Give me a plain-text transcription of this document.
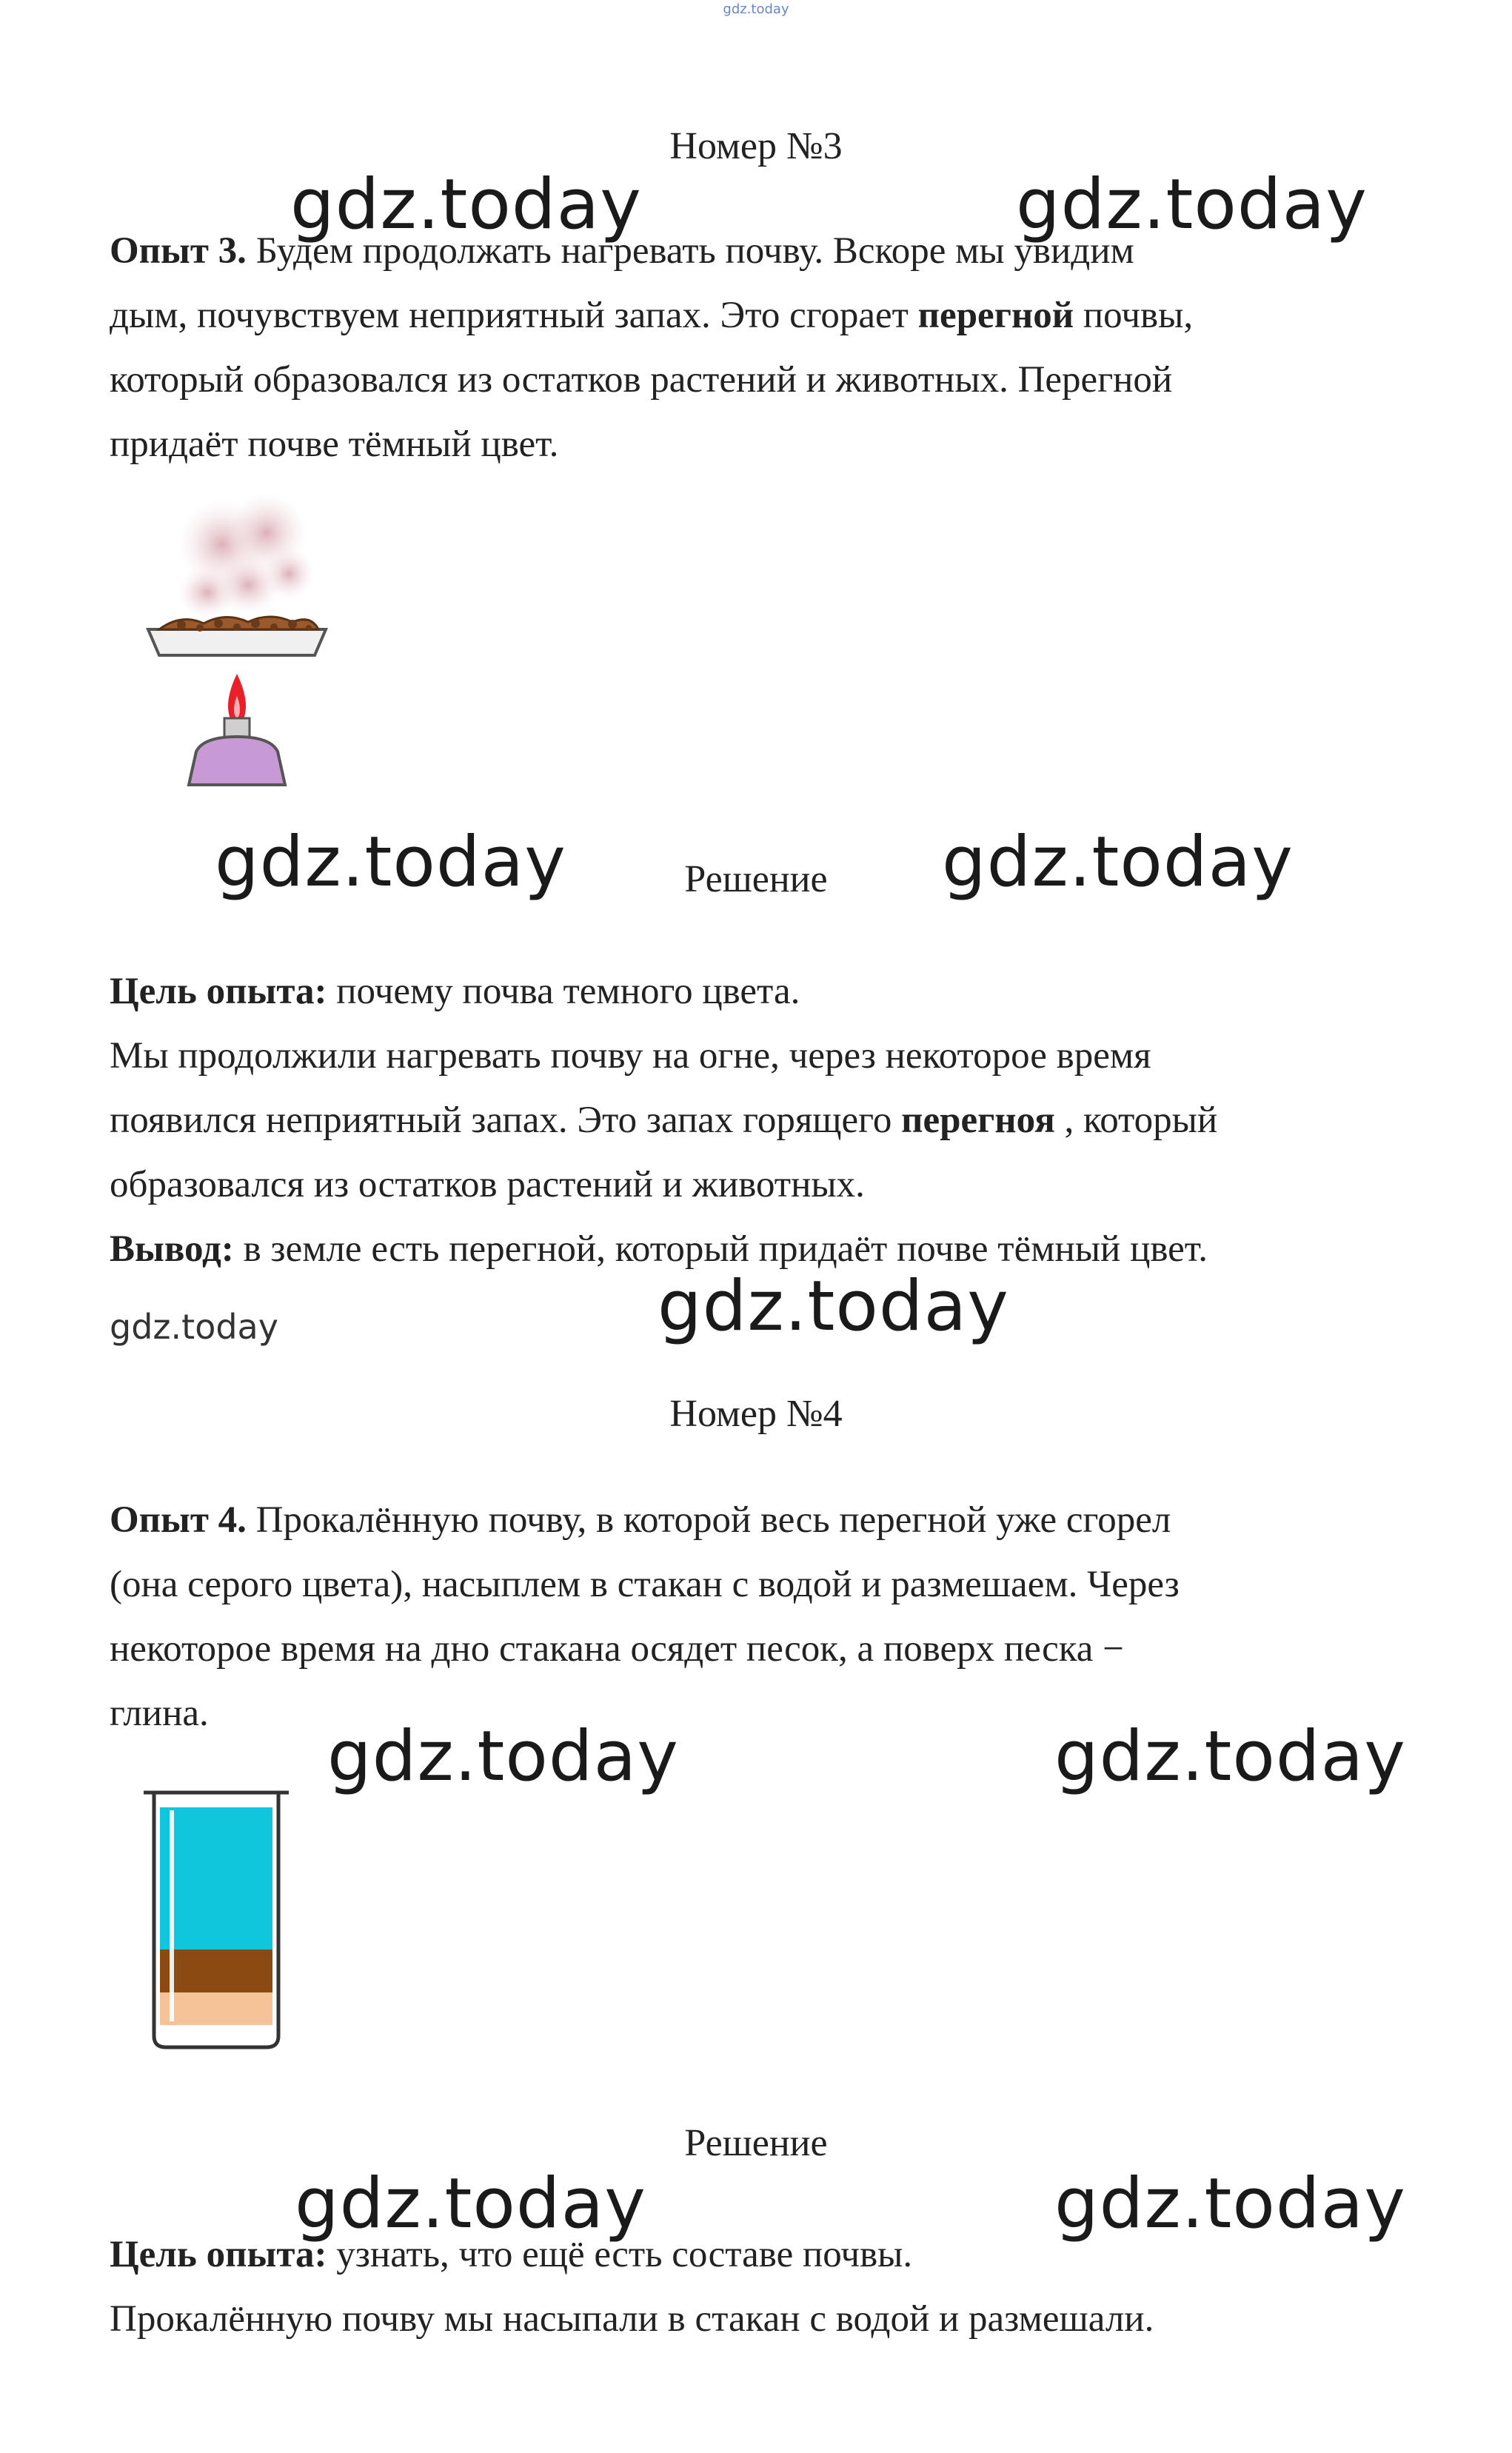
gdz.today
Номер №3
gdz.today	gdz.today
Опыт 3. Будем продолжать нагревать почву. Вскоре мы увидим
дым, почувствуем неприятный запах. Это сгорает перегной почвы,
который образовался из остатков растений и животных. Перегной
придаёт почве тёмный цвет.
gdz.today	Решение	gdz.today
Цель опыта: почему почва темного цвета.
Мы продолжили нагревать почву на огне, через некоторое время
появился неприятный запах. Это запах горящего перегноя , который
образовался из остатков растений и животных.
Вывод: в земле есть перегной, который придаёт почве тёмный цвет.
gdz.today	gdz.today
Номер №4
Опыт 4. Прокалённую почву, в которой весь перегной уже сгорел
(она серого цвета), насыплем в стакан с водой и размешаем. Через
некоторое время на дно стакана осядет песок, а поверх песка −
глина.
gdz.today	gdz.today
Решение
gdz.today	gdz.today
Цель опыта: узнать, что ещё есть составе почвы.
Прокалённую почву мы насыпали в стакан с водой и размешали.
